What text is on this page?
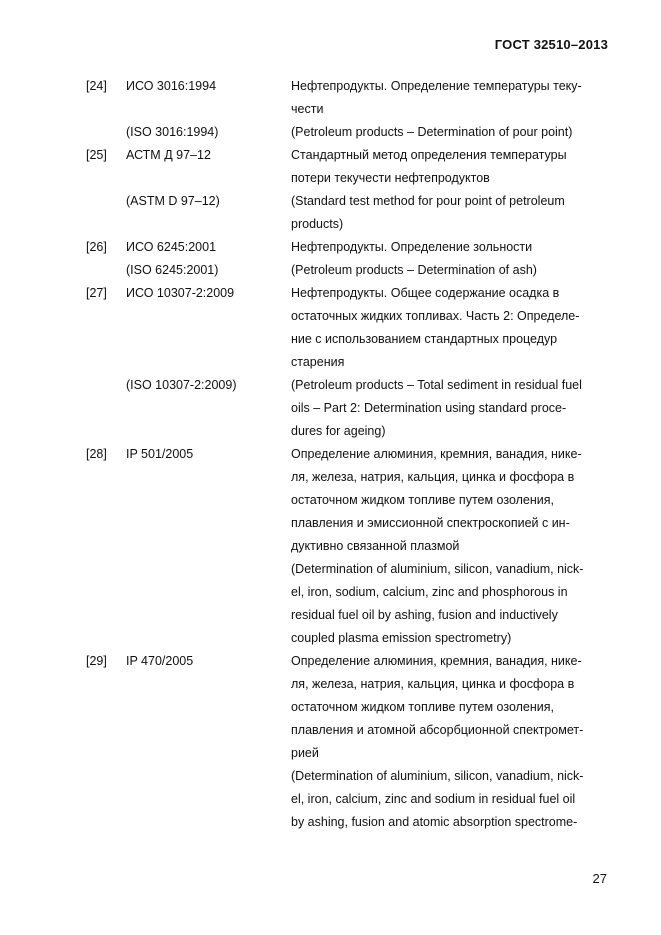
ГОСТ 32510–2013
[24] ИСО 3016:1994	Нефтепродукты. Определение температуры теку-
чести
(ISO 3016:1994)	(Petroleum products – Determination of pour point)
[25] АСТМ Д 97–12	Стандартный метод определения температуры
потери текучести нефтепродуктов
(ASTM D 97–12)	(Standard test method for pour point of petroleum
products)
[26] ИСО 6245:2001	Нефтепродукты. Определение зольности
(ISO 6245:2001)	(Petroleum products – Determination of ash)
[27] ИСО 10307-2:2009	Нефтепродукты. Общее содержание осадка в
остаточных жидких топливах. Часть 2: Определе-
ние с использованием стандартных процедур
старения
(ISO 10307-2:2009)	(Petroleum products – Total sediment in residual fuel
oils – Part 2: Determination using standard proce-
dures for ageing)
[28] IP 501/2005	Определение алюминия, кремния, ванадия, нике-
ля, железа, натрия, кальция, цинка и фосфора в
остаточном жидком топливе путем озоления,
плавления и эмиссионной спектроскопией с ин-
дуктивно связанной плазмой
(Determination of aluminium, silicon, vanadium, nick-
el, iron, sodium, calcium, zinc and phosphorous in
residual fuel oil by ashing, fusion and inductively
coupled plasma emission spectrometry)
[29] IP 470/2005	Определение алюминия, кремния, ванадия, нике-
ля, железа, натрия, кальция, цинка и фосфора в
остаточном жидком топливе путем озоления,
плавления и атомной абсорбционной спектромет-
рией
(Determination of aluminium, silicon, vanadium, nick-
el, iron, calcium, zinc and sodium in residual fuel oil
by ashing, fusion and atomic absorption spectrome-
27
